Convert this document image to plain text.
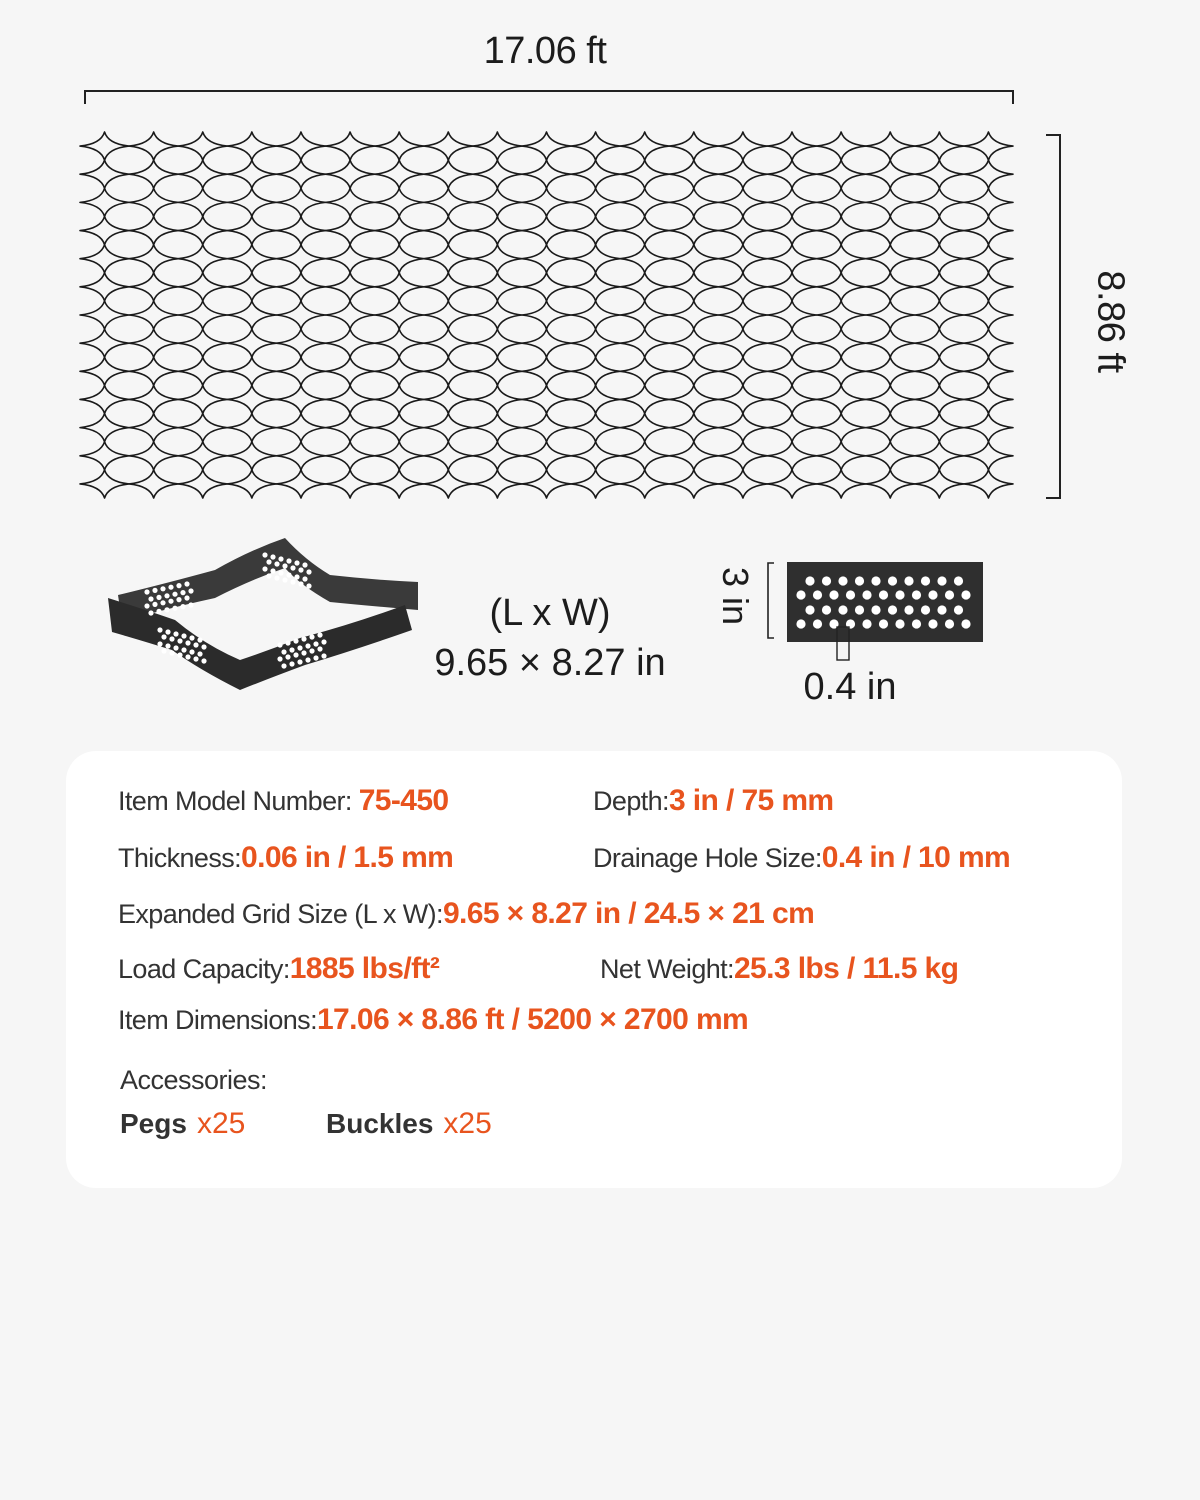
17.06 ft
8.86 ft
(L x W)
9.65 × 8.27 in
3 in
0.4 in
Item Model Number: 75-450	Depth:3 in / 75 mm
Thickness:0.06 in / 1.5 mm	Drainage Hole Size:0.4 in / 10 mm
Expanded Grid Size (L x W):9.65 × 8.27 in / 24.5 × 21 cm
Load Capacity:1885 lbs/ft²	Net Weight:25.3 lbs / 11.5 kg
Item Dimensions:17.06 × 8.86 ft / 5200 × 2700 mm
Accessories:
Pegs x25	Buckles x25
